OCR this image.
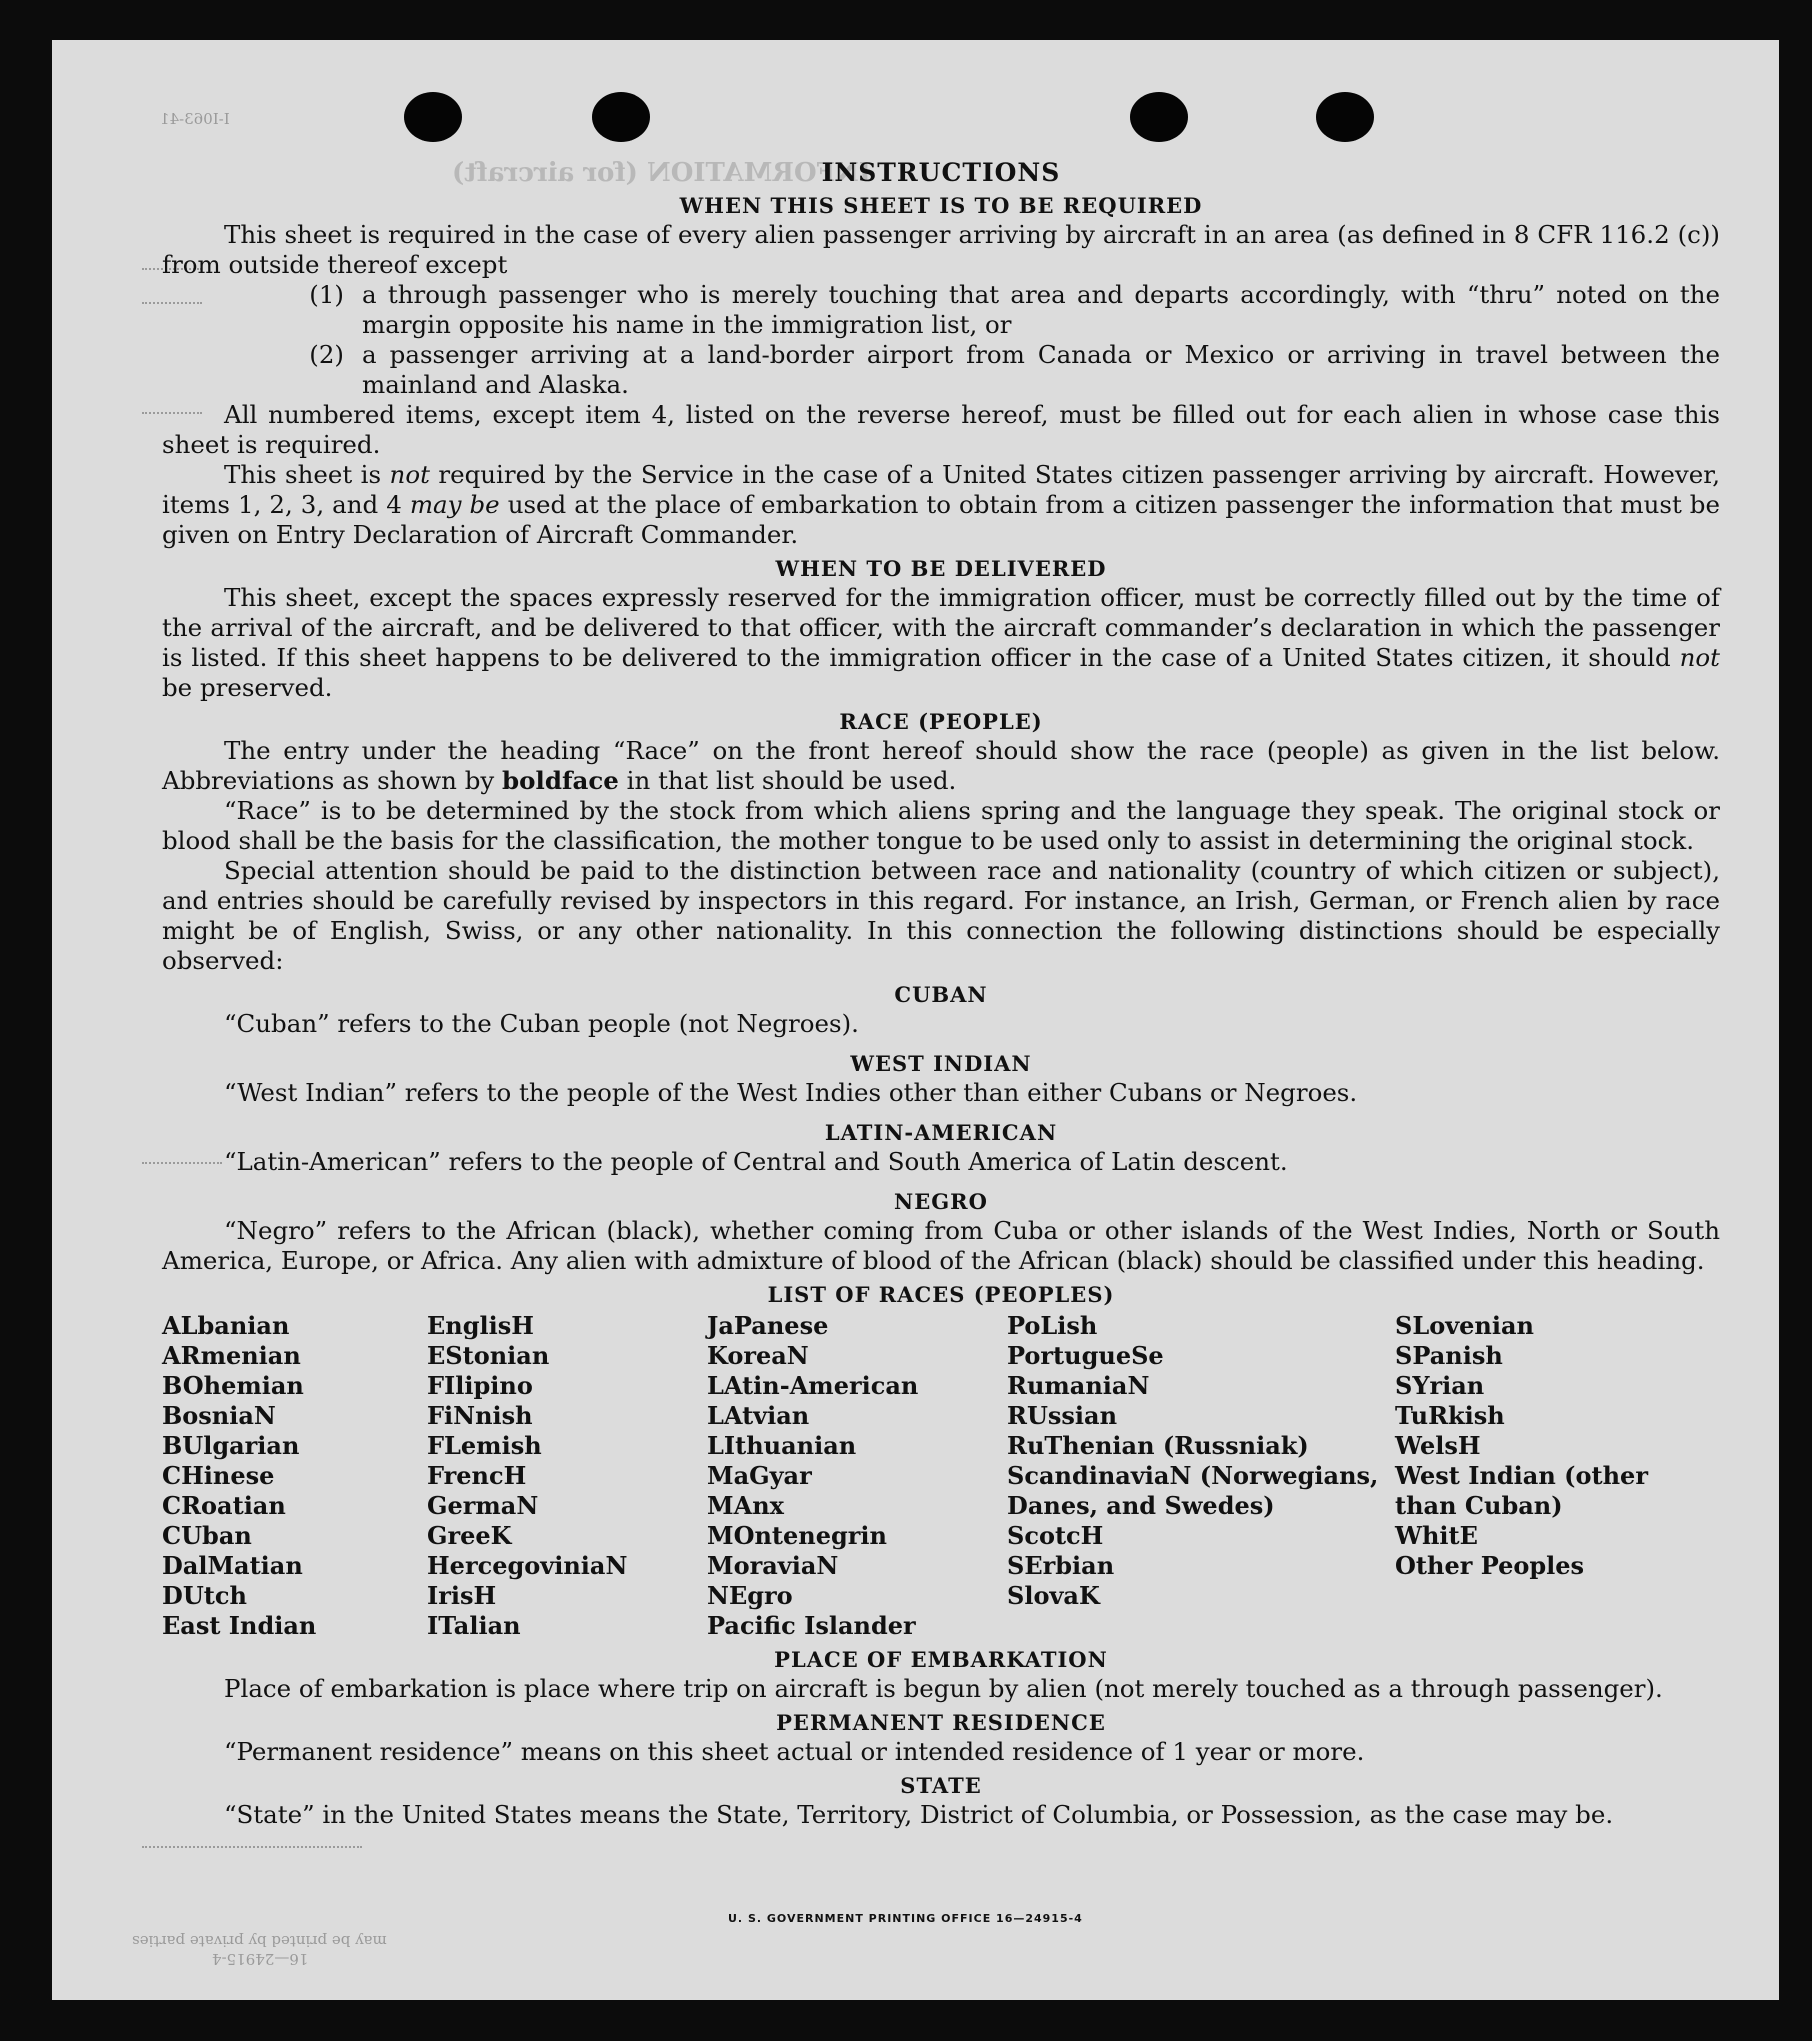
I-I063-41
INFORMATION (for aircraft)
may be printed by private parties
16—24915-4
INSTRUCTIONS
WHEN THIS SHEET IS TO BE REQUIRED

This sheet is required in the case of every alien passenger arriving by aircraft in an area (as defined in 8 CFR 116.2 (c)) from outside thereof except

(1) a through passenger who is merely touching that area and departs accordingly, with “thru” noted on the margin opposite his name in the immigration list, or
(2) a passenger arriving at a land-border airport from Canada or Mexico or arriving in travel between the mainland and Alaska.

All numbered items, except item 4, listed on the reverse hereof, must be filled out for each alien in whose case this sheet is required.

This sheet is not required by the Service in the case of a United States citizen passenger arriving by aircraft. However, items 1, 2, 3, and 4 may be used at the place of embarkation to obtain from a citizen passenger the information that must be given on Entry Declaration of Aircraft Commander.

WHEN TO BE DELIVERED

This sheet, except the spaces expressly reserved for the immigration officer, must be correctly filled out by the time of the arrival of the aircraft, and be delivered to that officer, with the aircraft commander’s declaration in which the passenger is listed. If this sheet happens to be delivered to the immigration officer in the case of a United States citizen, it should not be preserved.

RACE (PEOPLE)

The entry under the heading “Race” on the front hereof should show the race (people) as given in the list below. Abbreviations as shown by boldface in that list should be used.

“Race” is to be determined by the stock from which aliens spring and the language they speak. The original stock or blood shall be the basis for the classification, the mother tongue to be used only to assist in determining the original stock.

Special attention should be paid to the distinction between race and nationality (country of which citizen or subject), and entries should be carefully revised by inspectors in this regard. For instance, an Irish, German, or French alien by race might be of English, Swiss, or any other nationality. In this connection the following distinctions should be especially observed:

CUBAN

“Cuban” refers to the Cuban people (not Negroes).

WEST INDIAN

“West Indian” refers to the people of the West Indies other than either Cubans or Negroes.

LATIN-AMERICAN

“Latin-American” refers to the people of Central and South America of Latin descent.

NEGRO

“Negro” refers to the African (black), whether coming from Cuba or other islands of the West Indies, North or South America, Europe, or Africa. Any alien with admixture of blood of the African (black) should be classified under this heading.

LIST OF RACES (PEOPLES)
ALbanian
ARmenian
BOhemian
BosniaN
BUlgarian
CHinese
CRoatian
CUban
DalMatian
DUtch
East Indian
EnglisH
EStonian
FIlipino
FiNnish
FLemish
FrencH
GermaN
GreeK
HercegoviniaN
IrisH
ITalian
JaPanese
KoreaN
LAtin-American
LAtvian
LIthuanian
MaGyar
MAnx
MOntenegrin
MoraviaN
NEgro
Pacific Islander
PoLish
PortugueSe
RumaniaN
RUssian
RuThenian (Russniak)
ScandinaviaN (Norwegians, Danes, and Swedes)
ScotcH
SErbian
SlovaK
SLovenian
SPanish
SYrian
TuRkish
WelsH
West Indian (other than Cuban)
WhitE
Other Peoples
PLACE OF EMBARKATION

Place of embarkation is place where trip on aircraft is begun by alien (not merely touched as a through passenger).

PERMANENT RESIDENCE

“Permanent residence” means on this sheet actual or intended residence of 1 year or more.

STATE

“State” in the United States means the State, Territory, District of Columbia, or Possession, as the case may be.

U. S. GOVERNMENT PRINTING OFFICE 16—24915-4
